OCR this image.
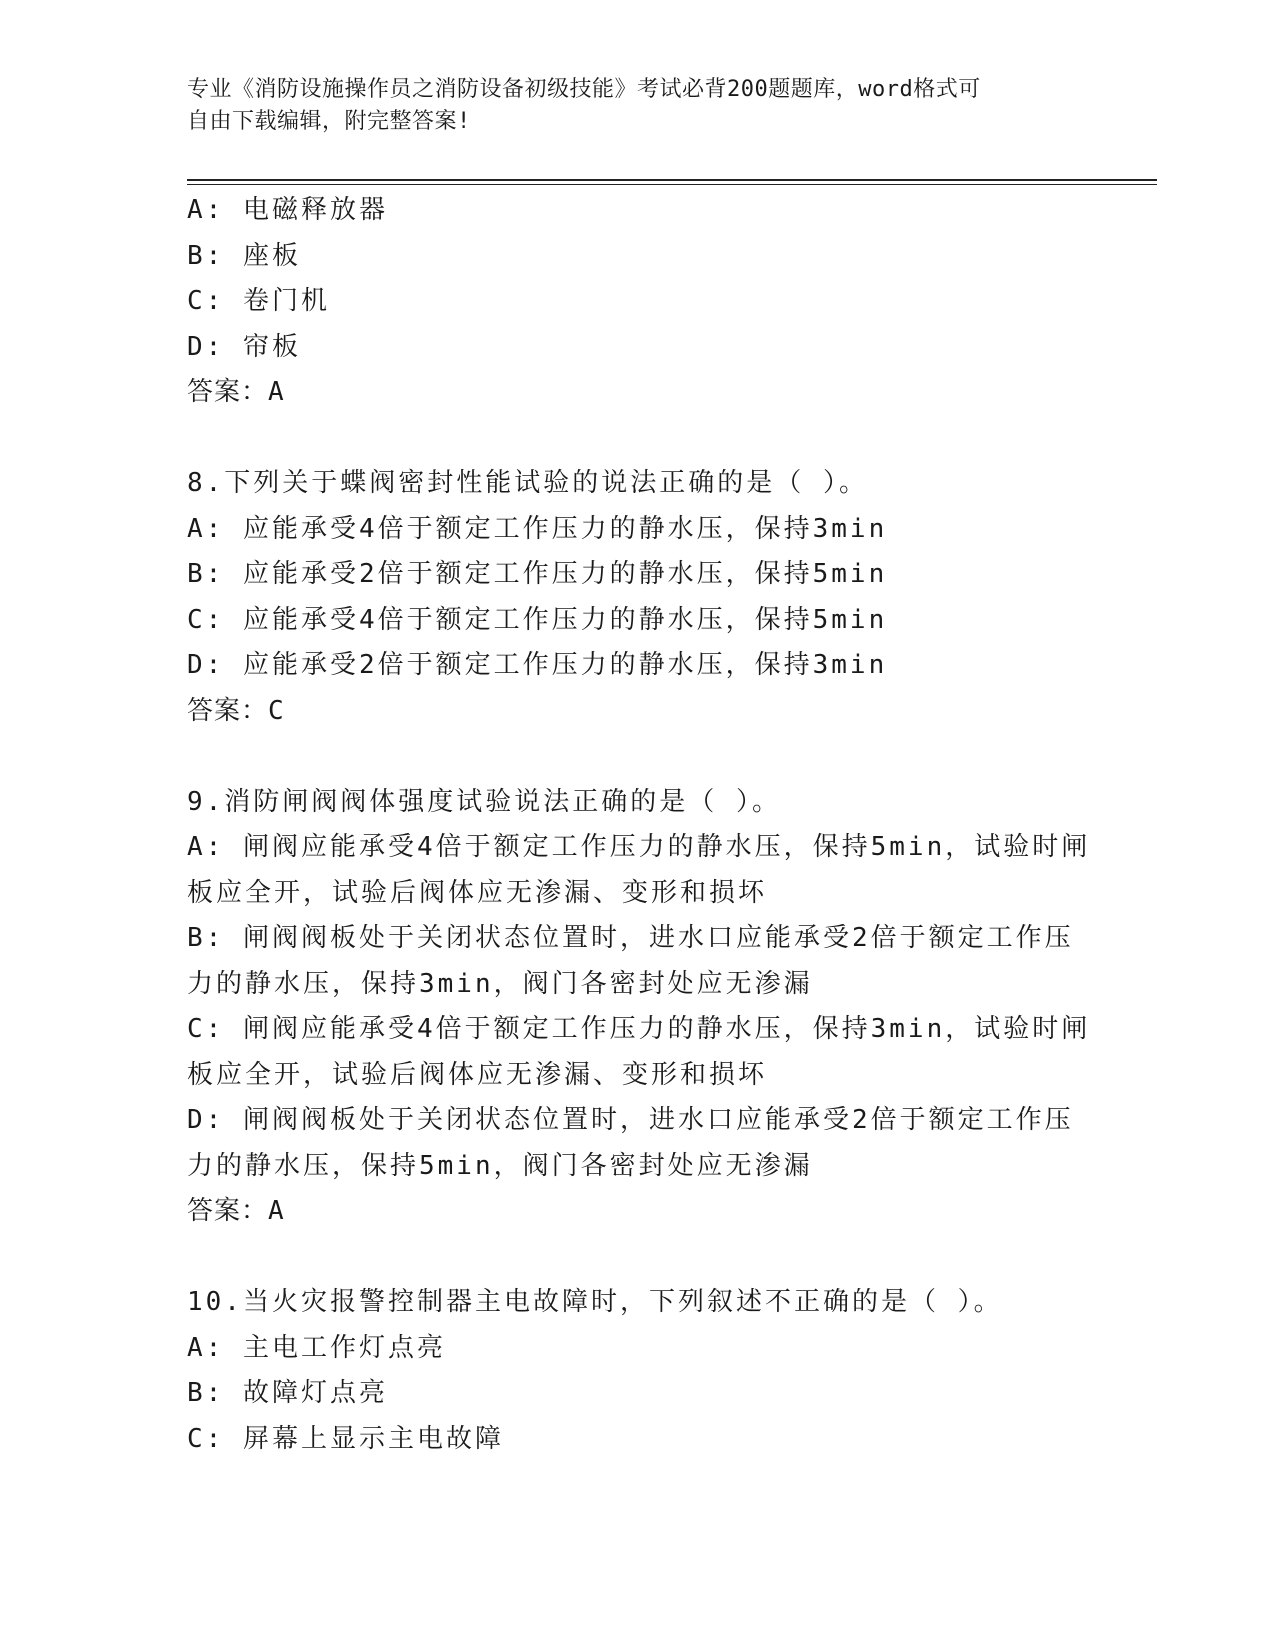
专业《消防设施操作员之消防设备初级技能》考试必背200题题库，word格式可
自由下载编辑，附完整答案!
A: 电磁释放器
B: 座板
C: 卷门机
D: 帘板
答案：A
8.下列关于蝶阀密封性能试验的说法正确的是（ ）。
A: 应能承受4倍于额定工作压力的静水压，保持3min
B: 应能承受2倍于额定工作压力的静水压，保持5min
C: 应能承受4倍于额定工作压力的静水压，保持5min
D: 应能承受2倍于额定工作压力的静水压，保持3min
答案：C
9.消防闸阀阀体强度试验说法正确的是（ ）。
A: 闸阀应能承受4倍于额定工作压力的静水压，保持5min，试验时闸
板应全开，试验后阀体应无渗漏、变形和损坏
B: 闸阀阀板处于关闭状态位置时，进水口应能承受2倍于额定工作压
力的静水压，保持3min，阀门各密封处应无渗漏
C: 闸阀应能承受4倍于额定工作压力的静水压，保持3min，试验时闸
板应全开，试验后阀体应无渗漏、变形和损坏
D: 闸阀阀板处于关闭状态位置时，进水口应能承受2倍于额定工作压
力的静水压，保持5min，阀门各密封处应无渗漏
答案：A
10.当火灾报警控制器主电故障时，下列叙述不正确的是（ ）。
A: 主电工作灯点亮
B: 故障灯点亮
C: 屏幕上显示主电故障
